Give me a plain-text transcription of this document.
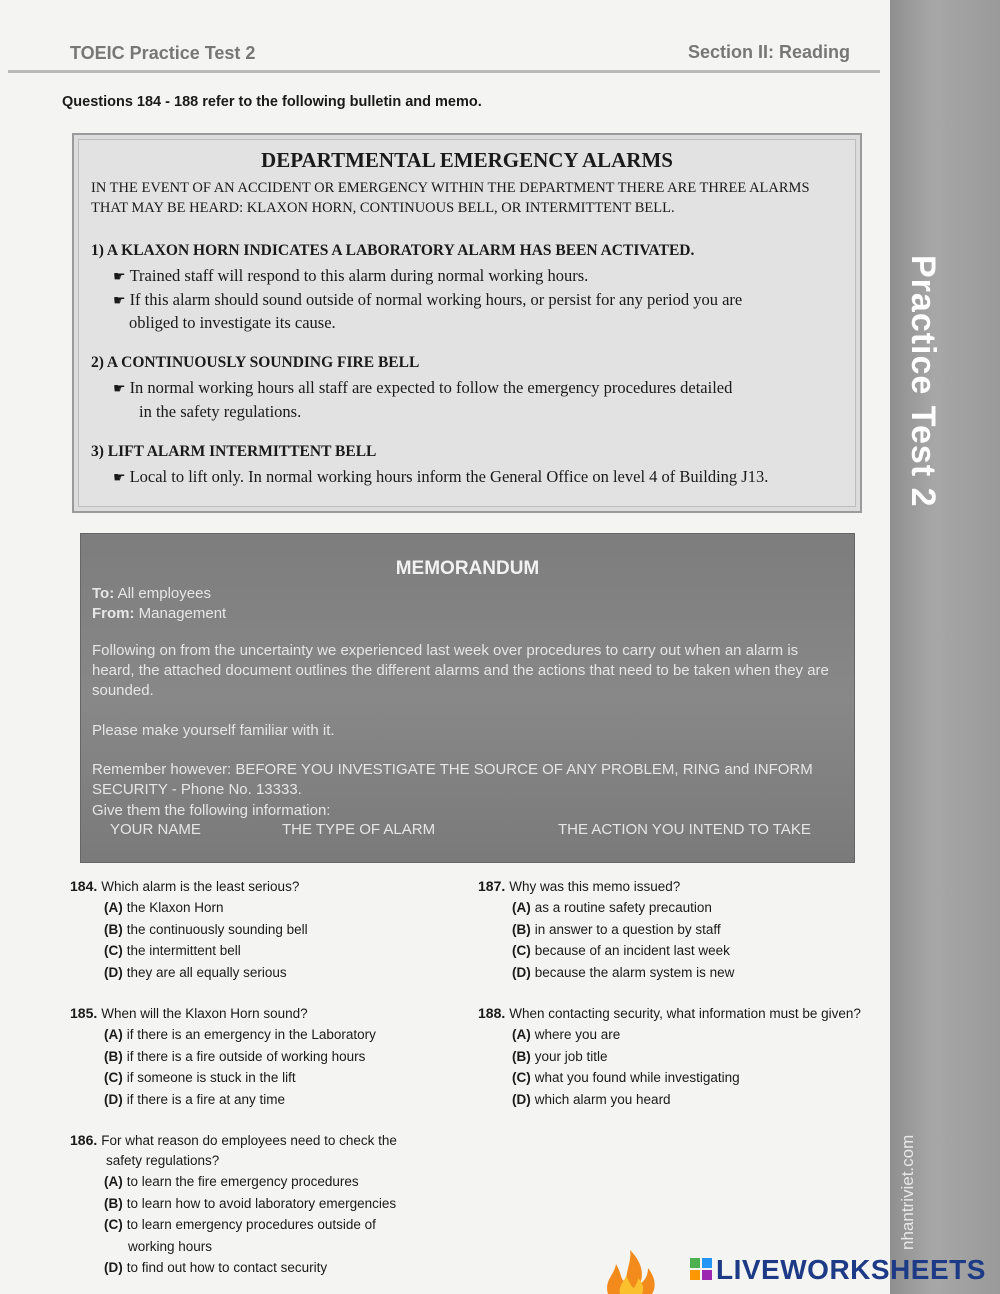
TOEIC Practice Test 2	Section II: Reading
Practice Test 2
nhantriviet.com
Questions 184 - 188 refer to the following bulletin and memo.
DEPARTMENTAL EMERGENCY ALARMS
IN THE EVENT OF AN ACCIDENT OR EMERGENCY WITHIN THE DEPARTMENT THERE ARE THREE ALARMS THAT MAY BE HEARD: KLAXON HORN, CONTINUOUS BELL, OR INTERMITTENT BELL.
1) A KLAXON HORN INDICATES A LABORATORY ALARM HAS BEEN ACTIVATED.
☛ Trained staff will respond to this alarm during normal working hours.
☛ If this alarm should sound outside of normal working hours, or persist for any period you are
obliged to investigate its cause.
2) A CONTINUOUSLY SOUNDING FIRE BELL
☛ In normal working hours all staff are expected to follow the emergency procedures detailed
in the safety regulations.
3) LIFT ALARM INTERMITTENT BELL
☛ Local to lift only. In normal working hours inform the General Office on level 4 of Building J13.
MEMORANDUM
To: All employees
From: Management
Following on from the uncertainty we experienced last week over procedures to carry out when an alarm is heard, the attached document outlines the different alarms and the actions that need to be taken when they are sounded.
Please make yourself familiar with it.
Remember however: BEFORE YOU INVESTIGATE THE SOURCE OF ANY PROBLEM, RING and INFORM SECURITY - Phone No. 13333.
Give them the following information:
YOUR NAME	THE TYPE OF ALARM	THE ACTION YOU INTEND TO TAKE
184. Which alarm is the least serious?
(A) the Klaxon Horn
(B) the continuously sounding bell
(C) the intermittent bell
(D) they are all equally serious
185. When will the Klaxon Horn sound?
(A) if there is an emergency in the Laboratory
(B) if there is a fire outside of working hours
(C) if someone is stuck in the lift
(D) if there is a fire at any time
186. For what reason do employees need to check the safety regulations?
(A) to learn the fire emergency procedures
(B) to learn how to avoid laboratory emergencies
(C) to learn emergency procedures outside of working hours
(D) to find out how to contact security
187. Why was this memo issued?
(A) as a routine safety precaution
(B) in answer to a question by staff
(C) because of an incident last week
(D) because the alarm system is new
188. When contacting security, what information must be given?
(A) where you are
(B) your job title
(C) what you found while investigating
(D) which alarm you heard
LIVEWORKSHEETS
